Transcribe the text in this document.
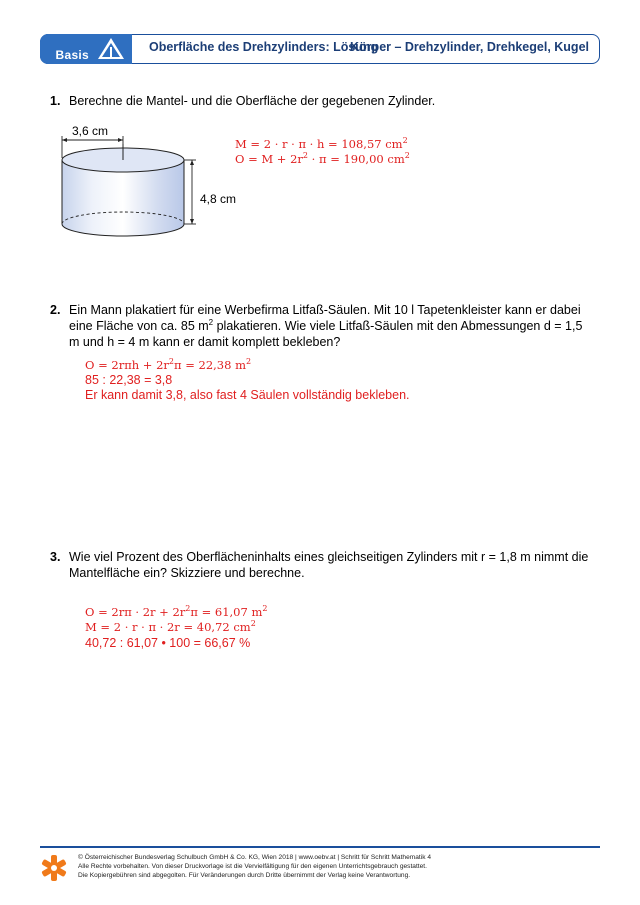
Basis
Oberfläche des Drehzylinders: Lösung
Körper – Drehzylinder, Drehkegel, Kugel
1. Berechne die Mantel- und die Oberfläche der gegebenen Zylinder.
3,6 cm
4,8 cm
M = 2 · r · π · h = 108,57 $cm^2$
$O = M + 2r^2 \cdot \pi = 190,00$ $cm^2$
2. Ein Mann plakatiert für eine Werbefirma Litfaß-Säulen. Mit 10 l Tapetenkleister kann er dabei eine Fläche von ca. 85 $m^2$ plakatieren. Wie viele Litfaß-Säulen mit den Abmessungen d = 1,5 m und h = 4 m kann er damit komplett bekleben?
$O = 2r\pi h + 2r^2\pi = 22,38$ $m^2$
85 : 22,38 = 3,8
Er kann damit 3,8, also fast 4 Säulen vollständig bekleben.
3. Wie viel Prozent des Oberflächeninhalts eines gleichseitigen Zylinders mit r = 1,8 m nimmt die Mantelfläche ein? Skizziere und berechne.
$O = 2r\pi \cdot 2r + 2r^2\pi = 61,07$ $m^2$
M = 2 · r · π · 2r = 40,72 $cm^2$
40,72 : 61,07 • 100 = 66,67 %
© Österreichischer Bundesverlag Schulbuch GmbH & Co. KG, Wien 2018 | www.oebv.at | Schritt für Schritt Mathematik 4
Alle Rechte vorbehalten. Von dieser Druckvorlage ist die Vervielfältigung für den eigenen Unterrichtsgebrauch gestattet.
Die Kopiergebühren sind abgegolten. Für Veränderungen durch Dritte übernimmt der Verlag keine Verantwortung.
